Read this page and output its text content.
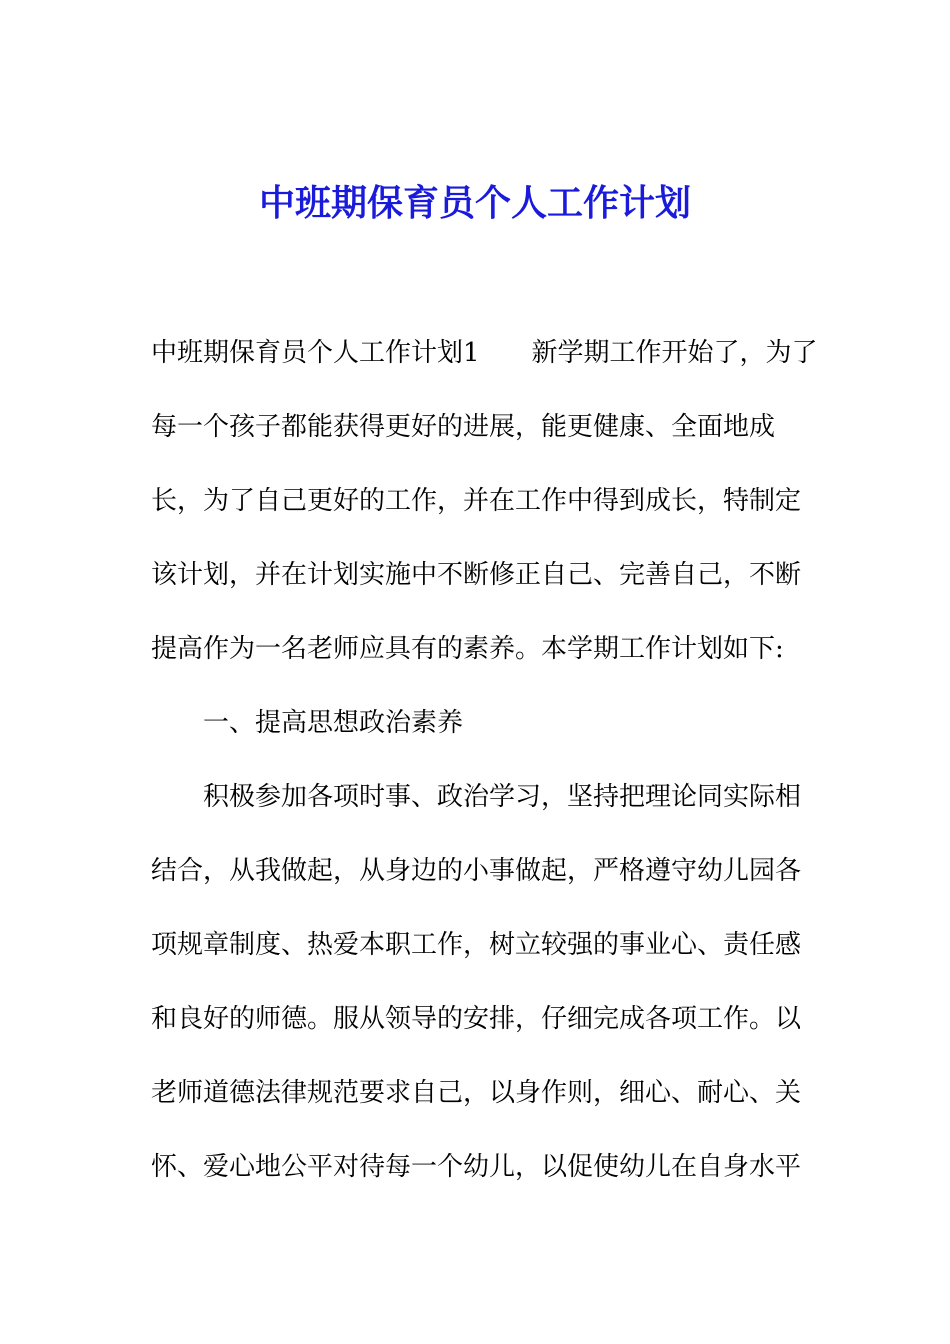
中班期保育员个人工作计划
中班期保育员个人工作计划1 新学期工作开始了，为了
每一个孩子都能获得更好的进展，能更健康、全面地成
长，为了自己更好的工作，并在工作中得到成长，特制定
该计划，并在计划实施中不断修正自己、完善自己，不断
提高作为一名老师应具有的素养。本学期工作计划如下:
一、提高思想政治素养
积极参加各项时事、政治学习，坚持把理论同实际相
结合，从我做起，从身边的小事做起，严格遵守幼儿园各
项规章制度、热爱本职工作，树立较强的事业心、责任感
和良好的师德。服从领导的安排，仔细完成各项工作。以
老师道德法律规范要求自己，以身作则，细心、耐心、关
怀、爱心地公平对待每一个幼儿，以促使幼儿在自身水平
